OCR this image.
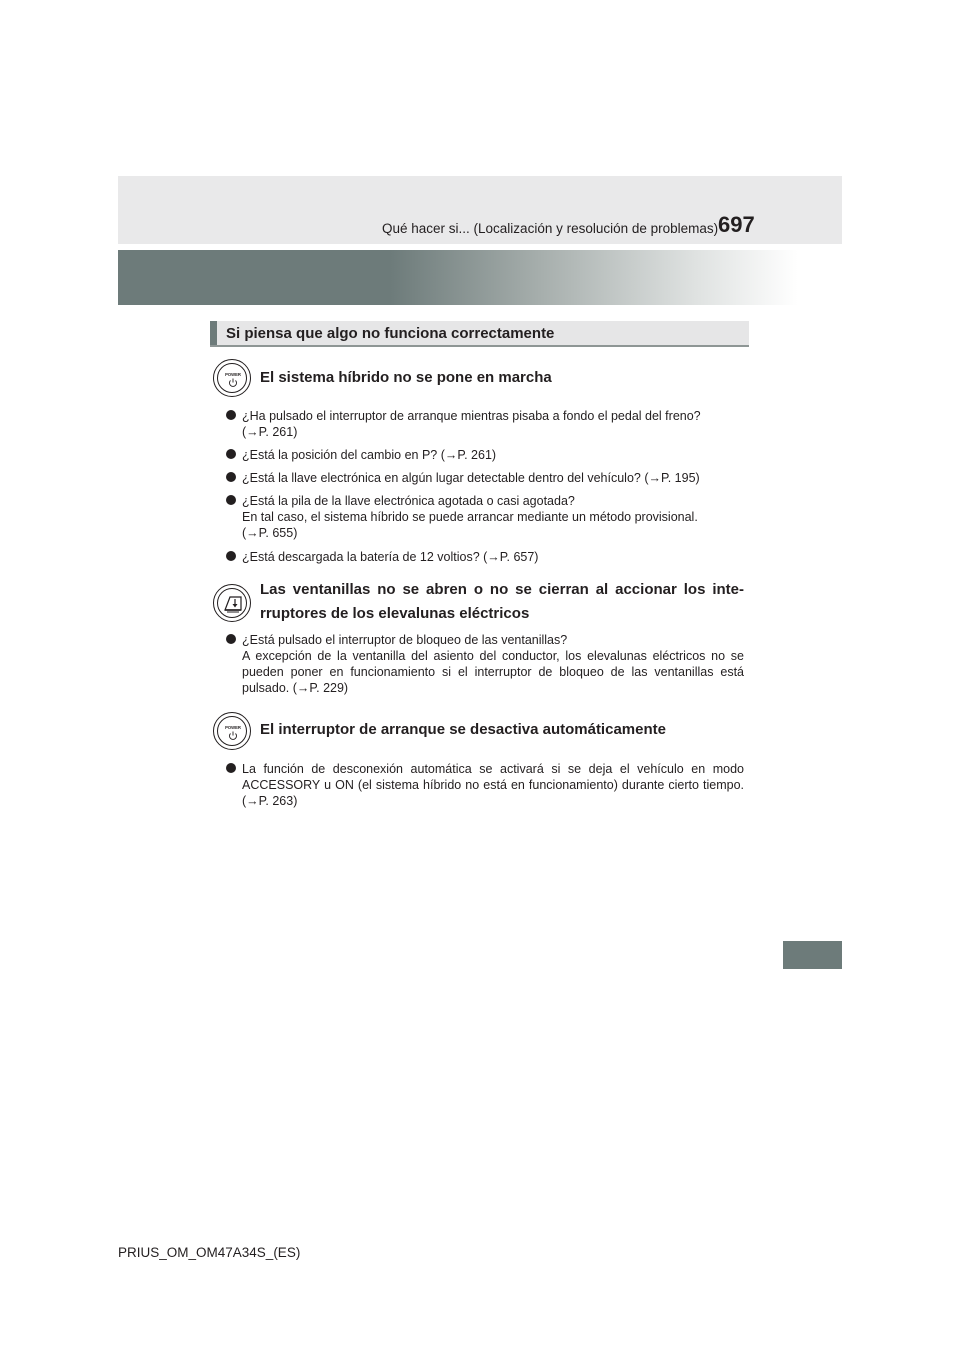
Qué hacer si... (Localización y resolución de problemas) 697
Si piensa que algo no funciona correctamente
POWER El sistema híbrido no se pone en marcha
¿Ha pulsado el interruptor de arranque mientras pisaba a fondo el pedal del freno?
(→P. 261)
¿Está la posición del cambio en P? (→P. 261)
¿Está la llave electrónica en algún lugar detectable dentro del vehículo? (→P. 195)
¿Está la pila de la llave electrónica agotada o casi agotada?
En tal caso, el sistema híbrido se puede arrancar mediante un método provisional.
(→P. 655)
¿Está descargada la batería de 12 voltios? (→P. 657)
Las ventanillas no se abren o no se cierran al accionar los inte-
rruptores de los elevalunas eléctricos
¿Está pulsado el interruptor de bloqueo de las ventanillas?
A excepción de la ventanilla del asiento del conductor, los elevalunas eléctricos no se pueden poner en funcionamiento si el interruptor de bloqueo de las ventanillas está pulsado. (→P. 229)
POWER El interruptor de arranque se desactiva automáticamente
La función de desconexión automática se activará si se deja el vehículo en modo ACCESSORY u ON (el sistema híbrido no está en funcionamiento) durante cierto tiempo. (→P. 263)
PRIUS_OM_OM47A34S_(ES)
